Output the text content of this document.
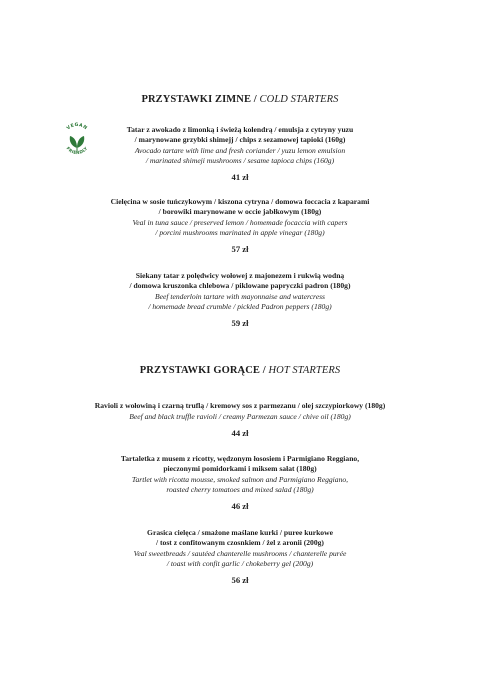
VEGAN
FRIENDLY
PRZYSTAWKI ZIMNE / COLD STARTERS
Tatar z awokado z limonką i świeżą kolendrą / emulsja z cytryny yuzu
/ marynowane grzybki shimejj / chips z sezamowej tapioki (160g)
Avocado tartare with lime and fresh coriander / yuzu lemon emulsion
/ marinated shimeji mushrooms / sesame tapioca chips (160g)
41 zł
Cielęcina w sosie tuńczykowym / kiszona cytryna / domowa foccacia z kaparami
/ borowiki marynowane w occie jabłkowym (180g)
Veal in tuna sauce / preserved lemon / homemade focaccia with capers
/ porcini mushrooms marinated in apple vinegar (180g)
57 zł
Siekany tatar z polędwicy wołowej z majonezem i rukwią wodną
/ domowa kruszonka chlebowa / piklowane papryczki padron (180g)
Beef tenderloin tartare with mayonnaise and watercress
/ homemade bread crumble / pickled Padron peppers (180g)
59 zł
PRZYSTAWKI GORĄCE / HOT STARTERS
Ravioli z wołowiną i czarną truflą / kremowy sos z parmezanu / olej szczypiorkowy (180g)
Beef and black truffle ravioli / creamy Parmezan sauce / chive oil (180g)
44 zł
Tartaletka z musem z ricotty, wędzonym łososiem i Parmigiano Reggiano,
pieczonymi pomidorkami i miksem sałat (180g)
Tartlet with ricotta mousse, smoked salmon and Parmigiano Reggiano,
roasted cherry tomatoes and mixed salad (180g)
46 zł
Grasica cielęca / smażone maślane kurki / puree kurkowe
/ tost z confitowanym czosnkiem / żel z aronii (200g)
Veal sweetbreads / sautéed chanterelle mushrooms / chanterelle purée
/ toast with confit garlic / chokeberry gel (200g)
56 zł
